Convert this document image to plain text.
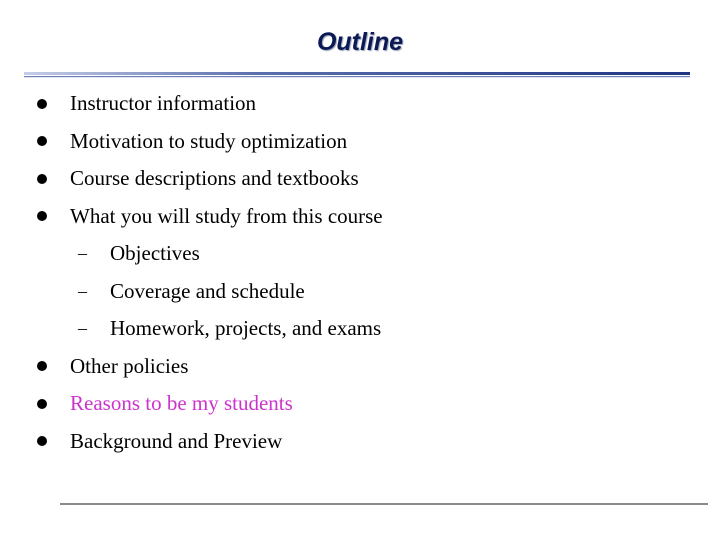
Outline
Instructor information
Motivation to study optimization
Course descriptions and textbooks
What you will study from this course
–	Objectives
–	Coverage and schedule
–	Homework, projects, and exams
Other policies
Reasons to be my students
Background and Preview
